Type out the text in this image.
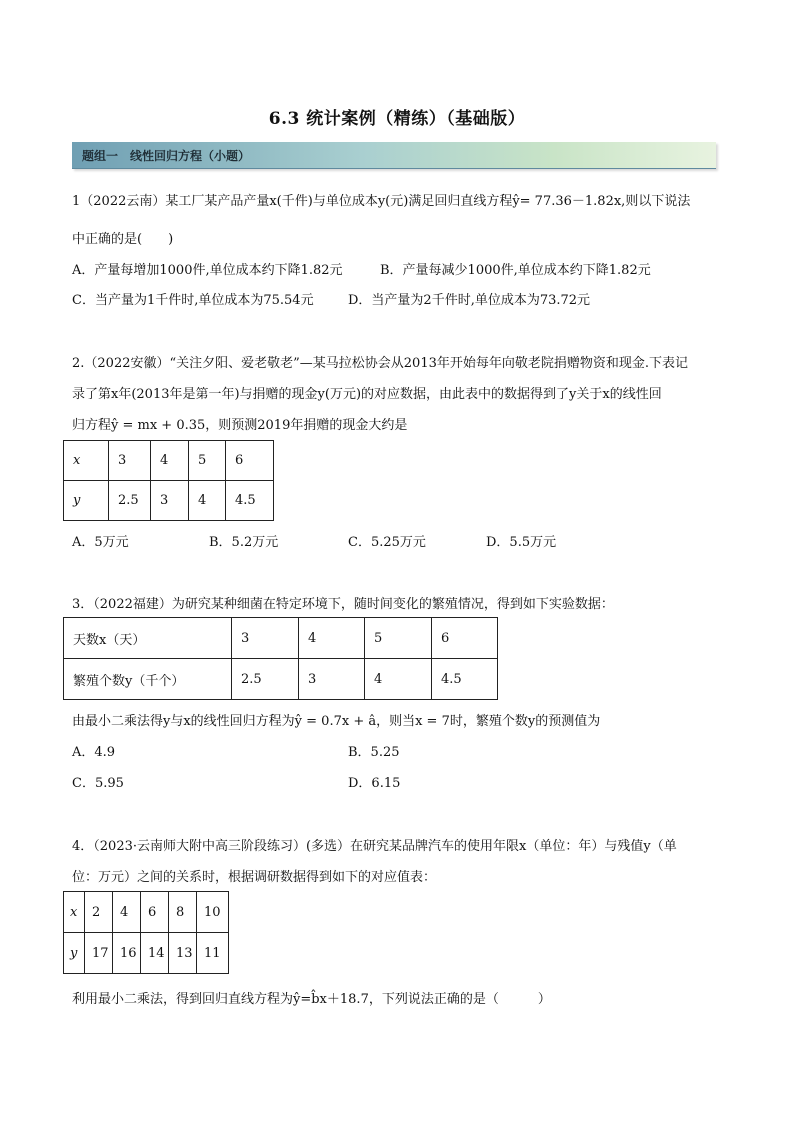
6.3 统计案例（精练）（基础版）
题组一　线性回归方程（小题）
1（2022云南）某工厂某产品产量x(千件)与单位成本y(元)满足回归直线方程ŷ= 77.36－1.82x,则以下说法
中正确的是(　　)
A．产量每增加1000件,单位成本约下降1.82元	B．产量每减少1000件,单位成本约下降1.82元
C．当产量为1千件时,单位成本为75.54元	D．当产量为2千件时,单位成本为73.72元
2.（2022安徽）“关注夕阳、爱老敬老”—某马拉松协会从2013年开始每年向敬老院捐赠物资和现金.下表记
录了第x年(2013年是第一年)与捐赠的现金y(万元)的对应数据，由此表中的数据得到了y关于x的线性回
归方程ŷ = mx + 0.35，则预测2019年捐赠的现金大约是
x	3	4	5	6
y	2.5	3	4	4.5
A．5万元	B．5.2万元	C．5.25万元	D．5.5万元
3．（2022福建）为研究某种细菌在特定环境下，随时间变化的繁殖情况，得到如下实验数据：
天数x（天）	3	4	5	6
繁殖个数y（千个）	2.5	3	4	4.5
由最小二乘法得y与x的线性回归方程为ŷ = 0.7x + â，则当x = 7时，繁殖个数y的预测值为
A．4.9	B．5.25
C．5.95	D．6.15
4．（2023·云南师大附中高三阶段练习）(多选）在研究某品牌汽车的使用年限x（单位：年）与残值y（单
位：万元）之间的关系时，根据调研数据得到如下的对应值表：
x	2	4	6	8	10
y	17	16	14	13	11
利用最小二乘法，得到回归直线方程为ŷ=b̂x＋18.7，下列说法正确的是（　　　）
